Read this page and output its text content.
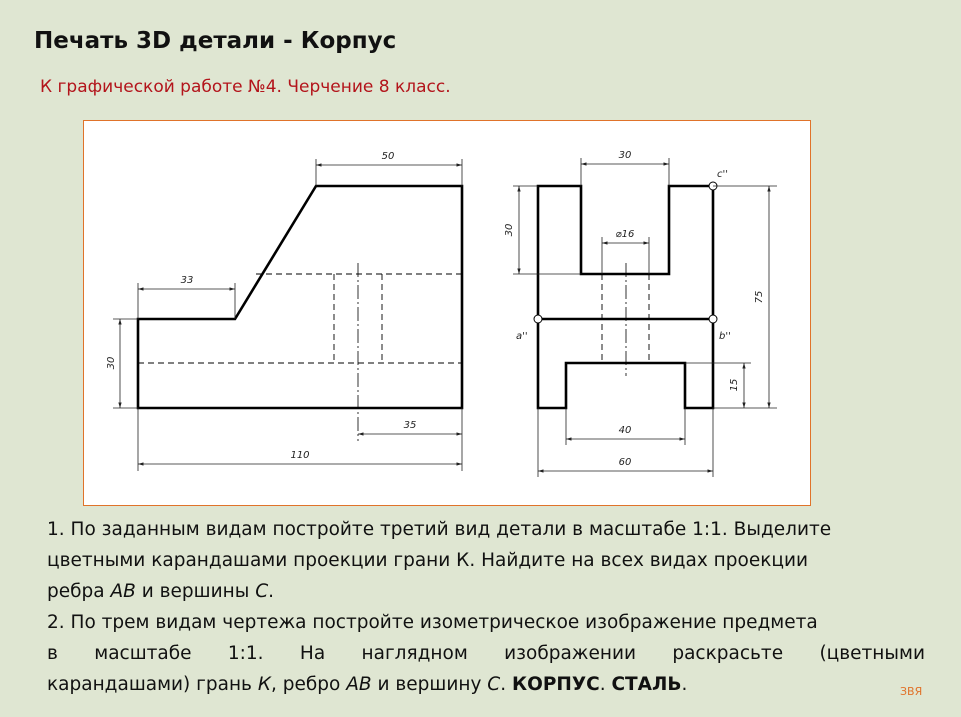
Печать 3D детали - Корпус
К графической работе №4. Черчение 8 класс.
50
33
30
35
110
c''
a''	b''
30
30	⌀16
75
15
40
60
1. По заданным видам постройте третий вид детали в масштабе 1:1. Выделите
цветными карандашами проекции грани К. Найдите на всех видах проекции
ребра АВ и вершины С.
2. По трем видам чертежа постройте изометрическое изображение предмета
в масштабе 1:1. На наглядном изображении раскрасьте (цветными
карандашами) грань К, ребро АВ и вершину С. КОРПУС. СТАЛЬ.	ЗВЯ
